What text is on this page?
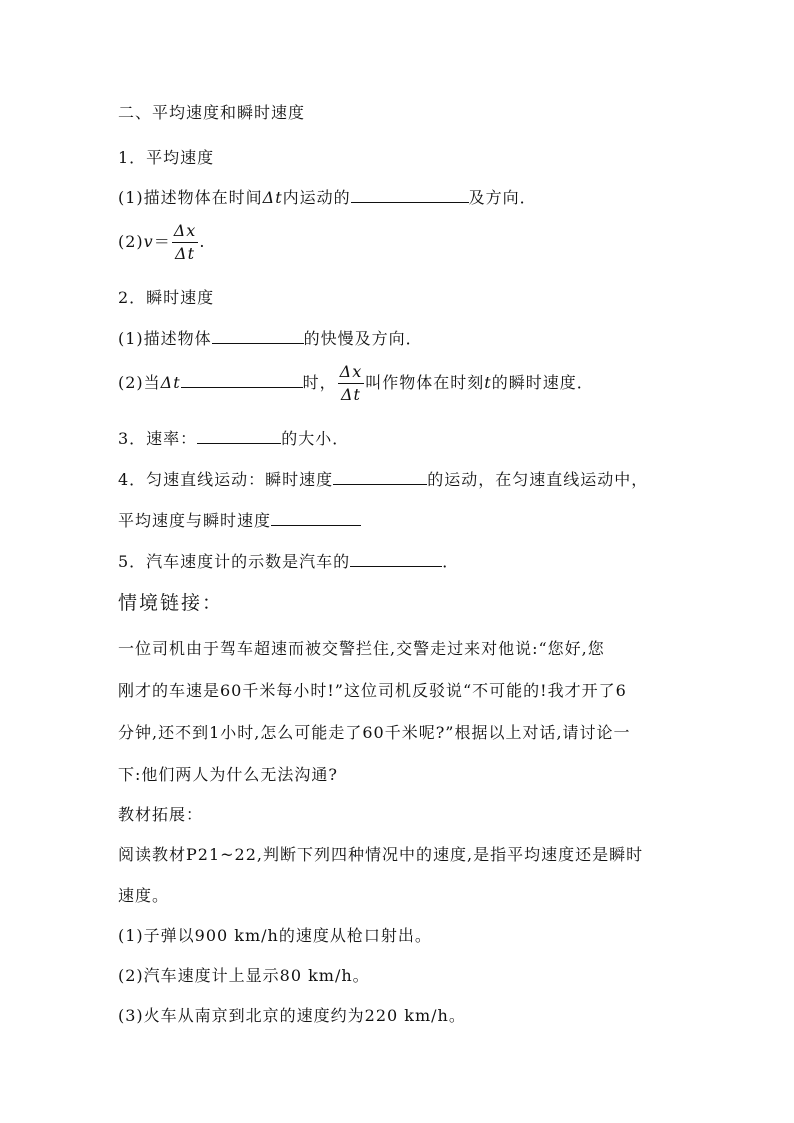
二、平均速度和瞬时速度
1．平均速度
(1)描述物体在时间Δt内运动的	及方向．
$(2)v= \frac{\Delta x}{\Delta t}$ .
2．瞬时速度
(1)描述物体	的快慢及方向．
(2)当Δt	时， $\frac{\Delta x}{\Delta t}$ 叫作物体在时刻t的瞬时速度．
3．速率：	的大小．
4．匀速直线运动：瞬时速度	的运动，在匀速直线运动中，
平均速度与瞬时速度
5．汽车速度计的示数是汽车的	．
情境链接：
一位司机由于驾车超速而被交警拦住,交警走过来对他说:“您好,您
刚才的车速是60千米每小时!”这位司机反驳说“不可能的!我才开了6
分钟,还不到1小时,怎么可能走了60千米呢?”根据以上对话,请讨论一
下:他们两人为什么无法沟通?
教材拓展：
阅读教材P21~22,判断下列四种情况中的速度,是指平均速度还是瞬时
速度。
(1)子弹以900 km/h的速度从枪口射出。
(2)汽车速度计上显示80 km/h。
(3)火车从南京到北京的速度约为220 km/h。
